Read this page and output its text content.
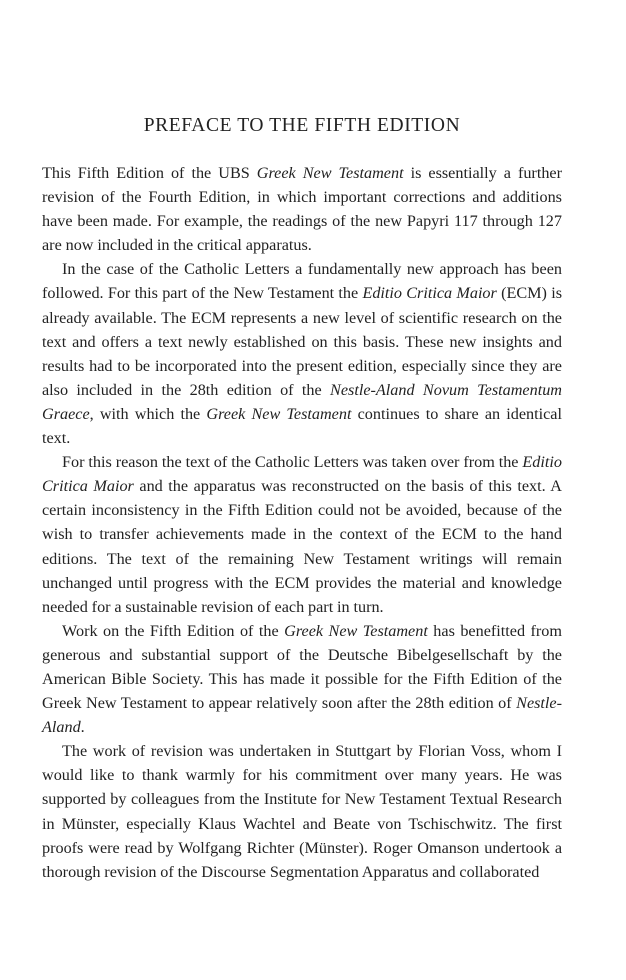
PREFACE TO THE FIFTH EDITION

This Fifth Edition of the UBS Greek New Testament is essentially a further revision of the Fourth Edition, in which important corrections and additions have been made. For example, the readings of the new Papyri 117 through 127 are now included in the critical apparatus.

In the case of the Catholic Letters a fundamentally new approach has been followed. For this part of the New Testament the Editio Critica Maior (ECM) is already available. The ECM represents a new level of scientific research on the text and offers a text newly established on this basis. These new insights and results had to be incorporated into the present edition, especially since they are also included in the 28th edition of the Nestle-Aland Novum Testamentum Graece, with which the Greek New Testament continues to share an identical text.

For this reason the text of the Catholic Letters was taken over from the Editio Critica Maior and the apparatus was reconstructed on the basis of this text. A certain inconsistency in the Fifth Edition could not be avoided, because of the wish to transfer achievements made in the context of the ECM to the hand editions. The text of the remaining New Testament writings will remain unchanged until progress with the ECM provides the material and knowledge needed for a sustainable revision of each part in turn.

Work on the Fifth Edition of the Greek New Testament has benefitted from generous and substantial support of the Deutsche Bibelgesellschaft by the American Bible Society. This has made it possible for the Fifth Edition of the Greek New Testament to appear relatively soon after the 28th edition of Nestle-Aland.

The work of revision was undertaken in Stuttgart by Florian Voss, whom I would like to thank warmly for his commitment over many years. He was supported by colleagues from the Institute for New Testament Textual Research in Münster, especially Klaus Wachtel and Beate von Tschischwitz. The first proofs were read by Wolfgang Richter (Münster). Roger Omanson undertook a thorough revision of the Discourse Segmentation Apparatus and collaborated
